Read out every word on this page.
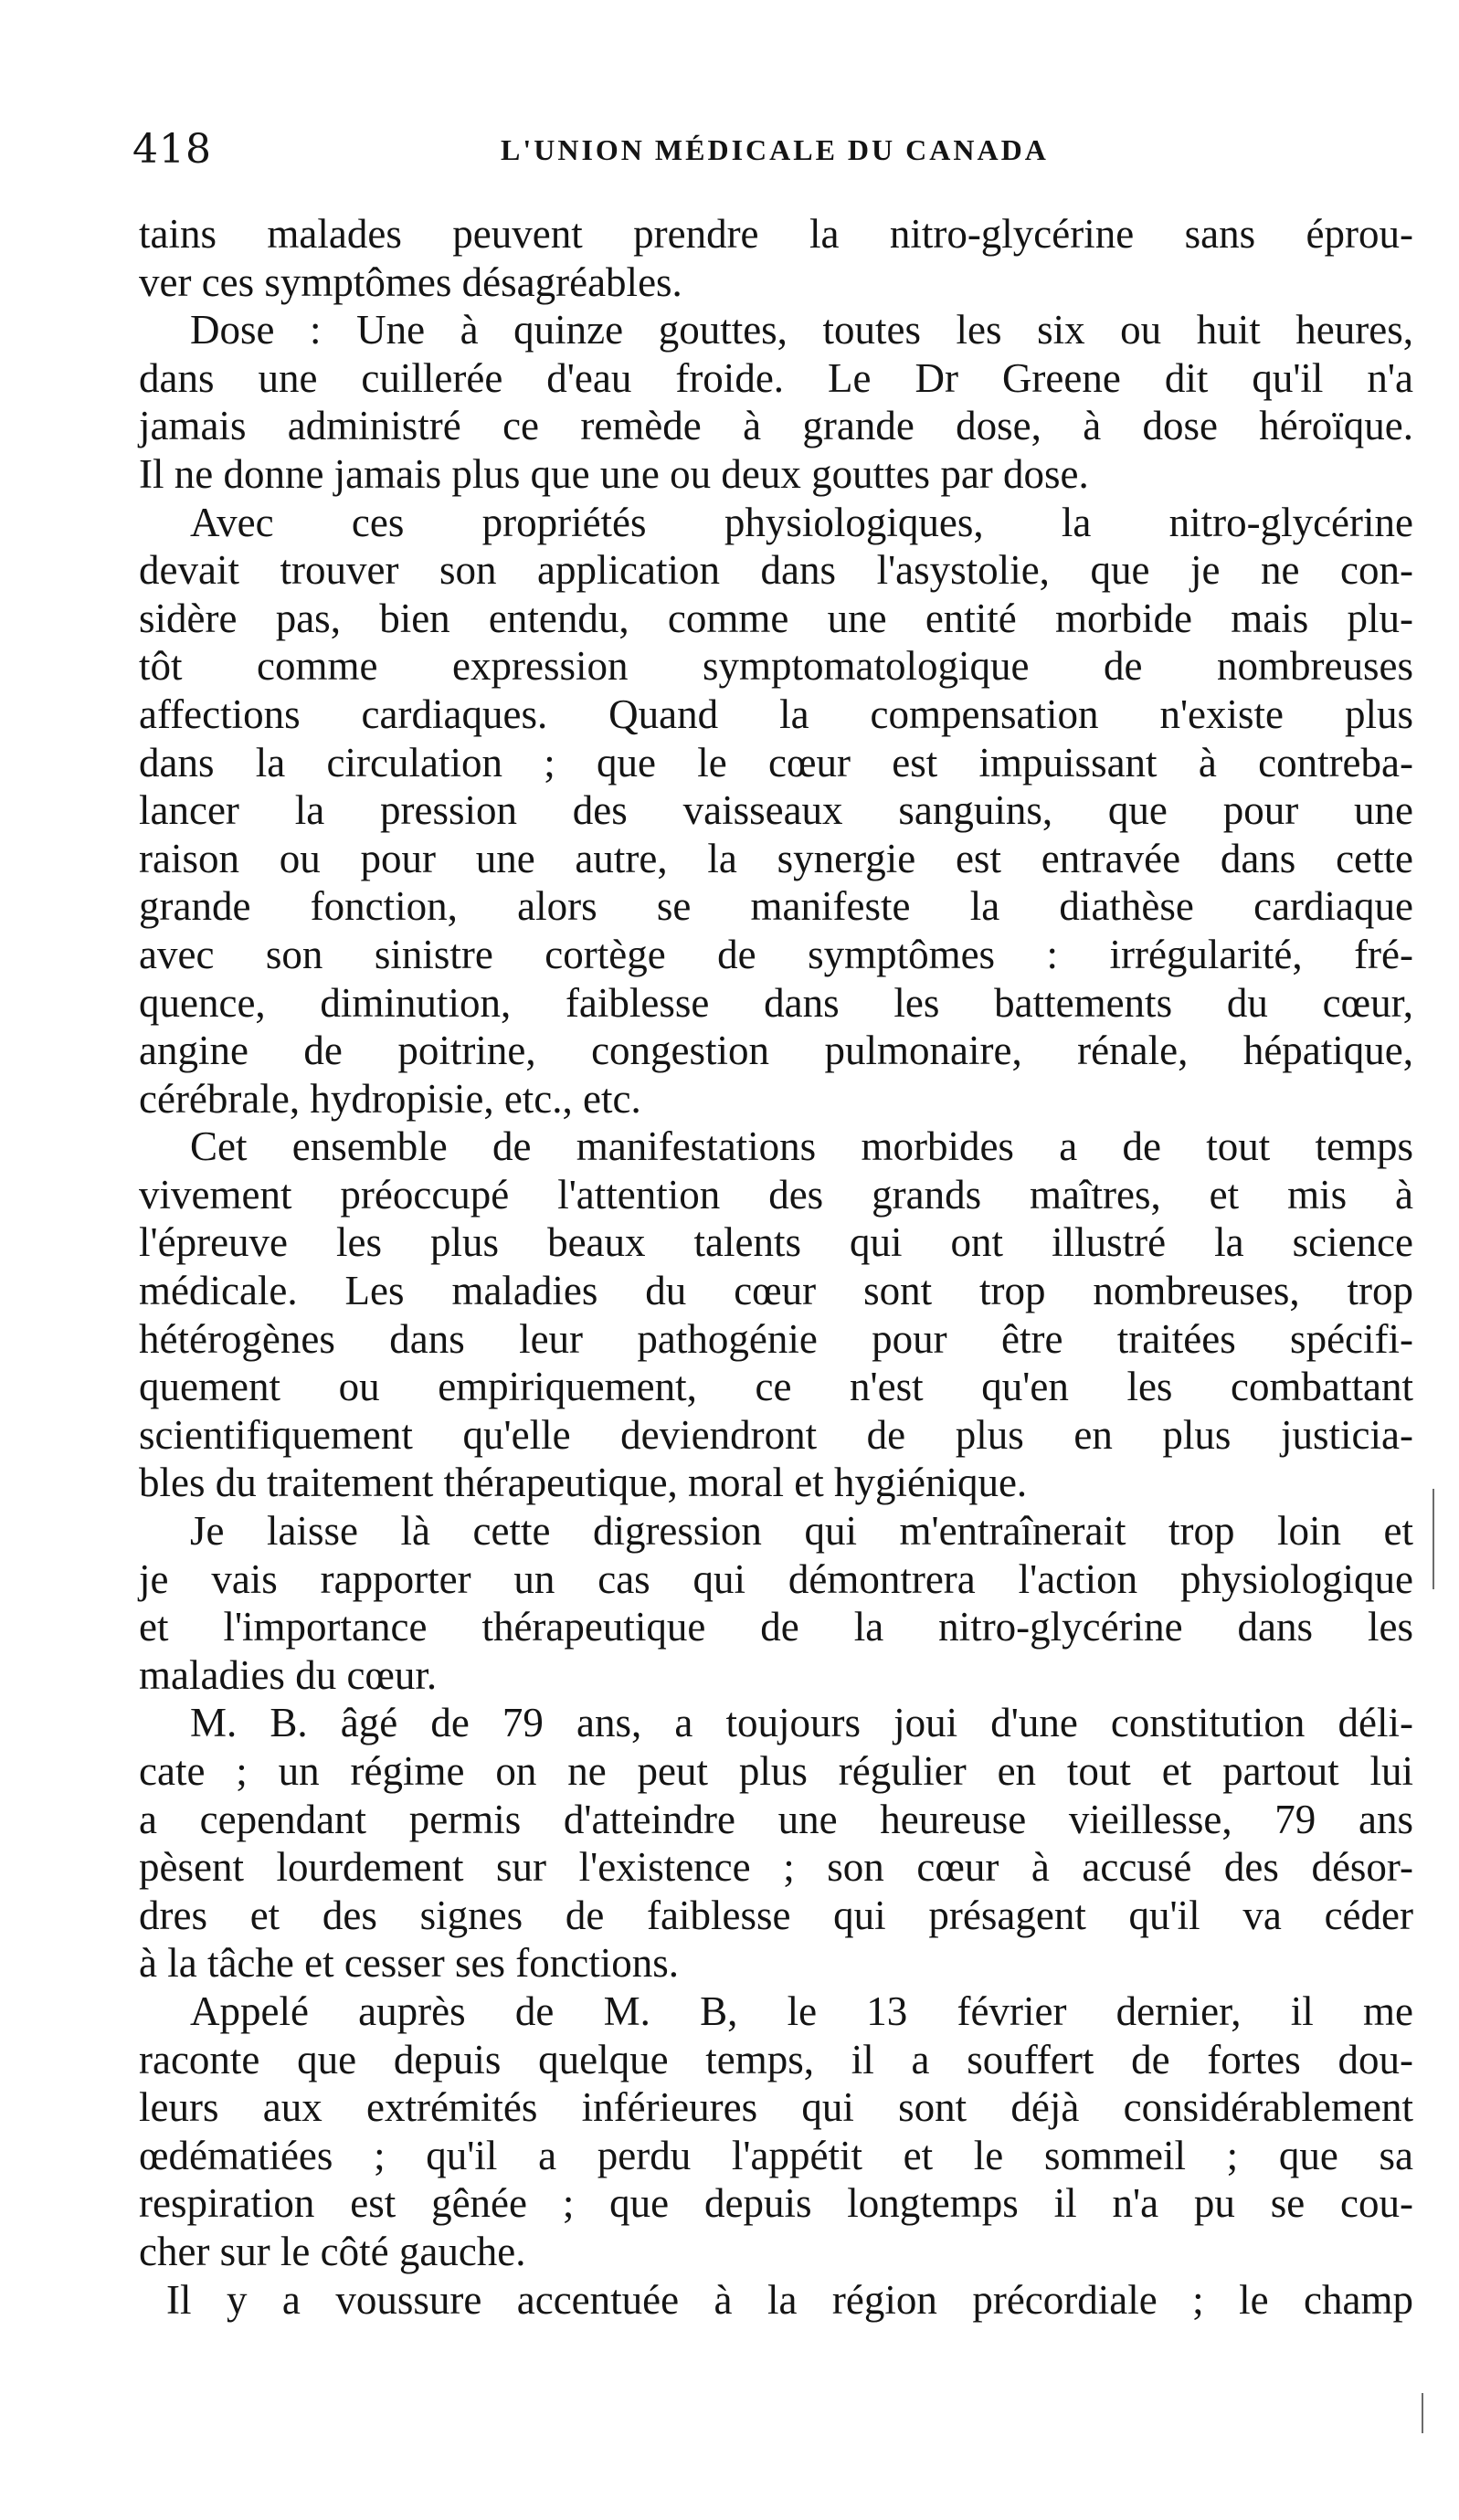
418	L'UNION MÉDICALE DU CANADA
tains malades peuvent prendre la nitro-glycérine sans éprou-
ver ces symptômes désagréables.
Dose : Une à quinze gouttes, toutes les six ou huit heures,
dans une cuillerée d'eau froide. Le Dr Greene dit qu'il n'a
jamais administré ce remède à grande dose, à dose héroïque.
Il ne donne jamais plus que une ou deux gouttes par dose.
Avec ces propriétés physiologiques, la nitro-glycérine
devait trouver son application dans l'asystolie, que je ne con-
sidère pas, bien entendu, comme une entité morbide mais plu-
tôt comme expression symptomatologique de nombreuses
affections cardiaques. Quand la compensation n'existe plus
dans la circulation ; que le cœur est impuissant à contreba-
lancer la pression des vaisseaux sanguins, que pour une
raison ou pour une autre, la synergie est entravée dans cette
grande fonction, alors se manifeste la diathèse cardiaque
avec son sinistre cortège de symptômes : irrégularité, fré-
quence, diminution, faiblesse dans les battements du cœur,
angine de poitrine, congestion pulmonaire, rénale, hépatique,
cérébrale, hydropisie, etc., etc.
Cet ensemble de manifestations morbides a de tout temps
vivement préoccupé l'attention des grands maîtres, et mis à
l'épreuve les plus beaux talents qui ont illustré la science
médicale. Les maladies du cœur sont trop nombreuses, trop
hétérogènes dans leur pathogénie pour être traitées spécifi-
quement ou empiriquement, ce n'est qu'en les combattant
scientifiquement qu'elle deviendront de plus en plus justicia-
bles du traitement thérapeutique, moral et hygiénique.
Je laisse là cette digression qui m'entraînerait trop loin et
je vais rapporter un cas qui démontrera l'action physiologique
et l'importance thérapeutique de la nitro-glycérine dans les
maladies du cœur.
M. B. âgé de 79 ans, a toujours joui d'une constitution déli-
cate ; un régime on ne peut plus régulier en tout et partout lui
a cependant permis d'atteindre une heureuse vieillesse, 79 ans
pèsent lourdement sur l'existence ; son cœur à accusé des désor-
dres et des signes de faiblesse qui présagent qu'il va céder
à la tâche et cesser ses fonctions.
Appelé auprès de M. B, le 13 février dernier, il me
raconte que depuis quelque temps, il a souffert de fortes dou-
leurs aux extrémités inférieures qui sont déjà considérablement
œdématiées ; qu'il a perdu l'appétit et le sommeil ; que sa
respiration est gênée ; que depuis longtemps il n'a pu se cou-
cher sur le côté gauche.
Il y a voussure accentuée à la région précordiale ; le champ
